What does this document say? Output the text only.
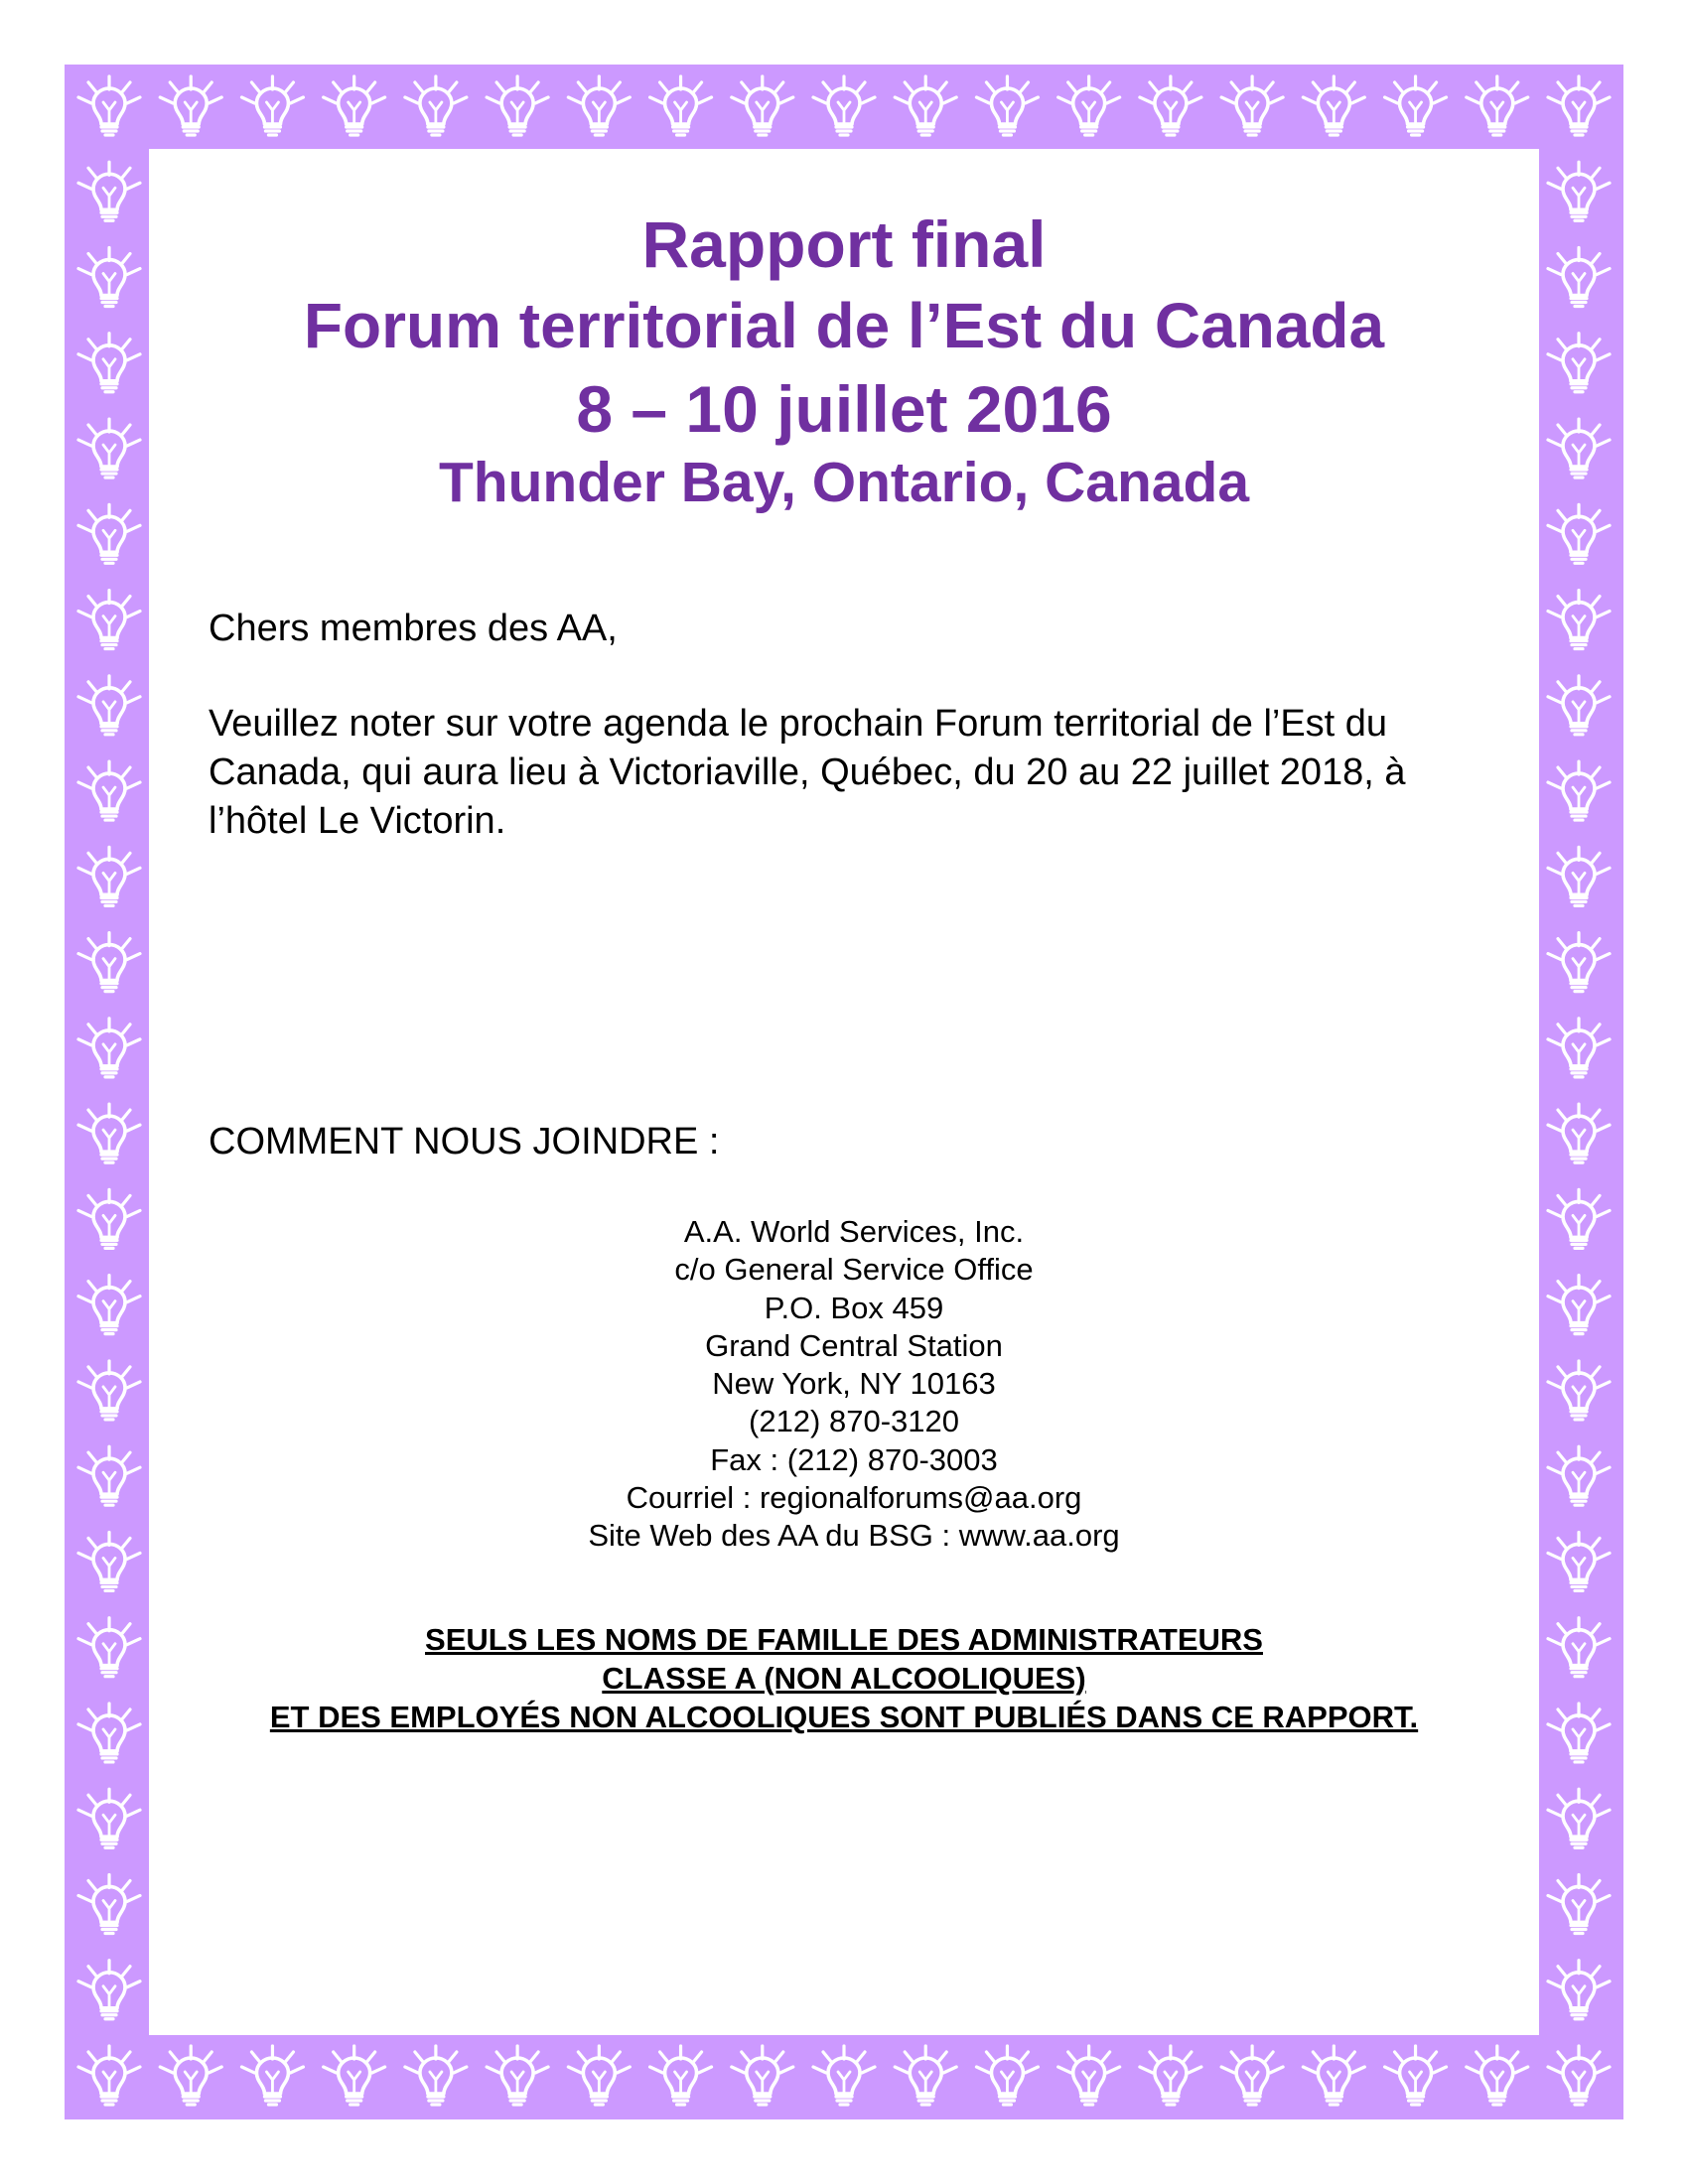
Rapport final
Forum territorial de l’Est du Canada
8 – 10 juillet 2016
Thunder Bay, Ontario, Canada
Chers membres des AA,
Veuillez noter sur votre agenda le prochain Forum territorial de l’Est du Canada, qui aura lieu à Victoriaville, Québec, du 20 au 22 juillet 2018, à l’hôtel Le Victorin.
COMMENT NOUS JOINDRE :
A.A. World Services, Inc.
c/o General Service Office
P.O. Box 459
Grand Central Station
New York, NY 10163
(212) 870-3120
Fax : (212) 870-3003
Courriel : regionalforums@aa.org
Site Web des AA du BSG : www.aa.org
SEULS LES NOMS DE FAMILLE DES ADMINISTRATEURS
CLASSE A (NON ALCOOLIQUES)
ET DES EMPLOYÉS NON ALCOOLIQUES SONT PUBLIÉS DANS CE RAPPORT.
